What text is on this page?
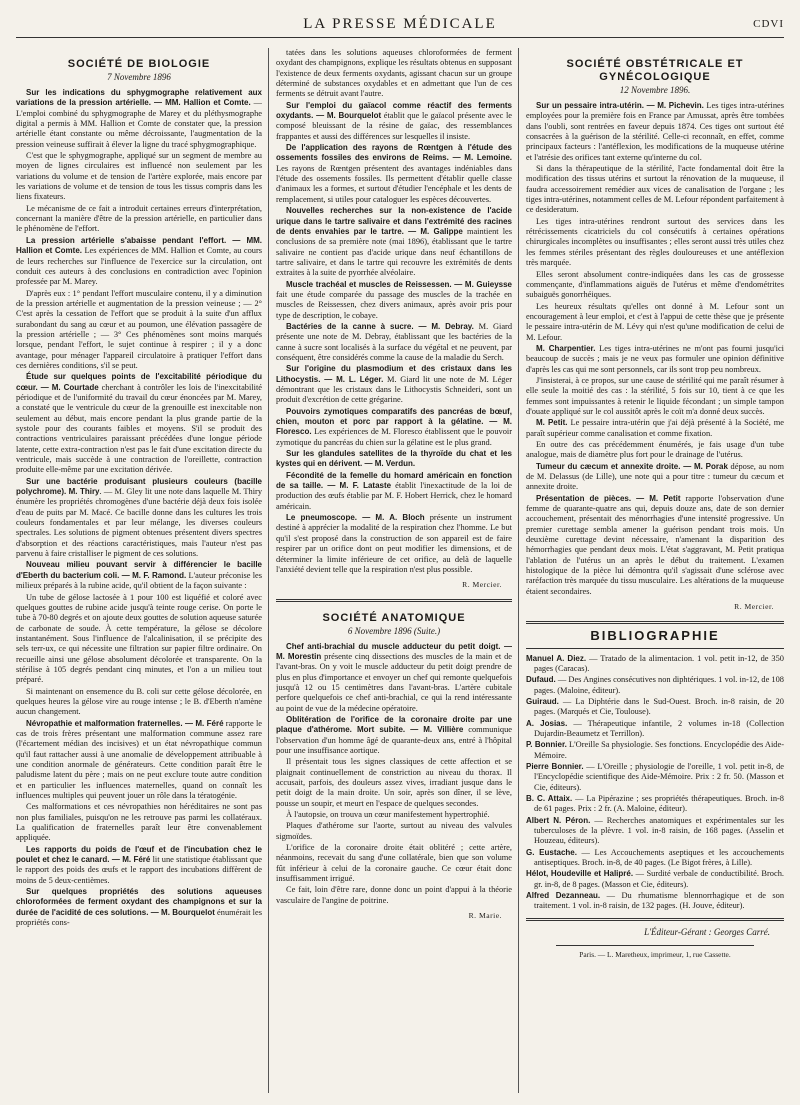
LA PRESSE MÉDICALE	CDVI
SOCIÉTÉ DE BIOLOGIE
7 Novembre 1896
Sur les indications du sphygmographe relativement aux variations de la pression artérielle. — MM. Hallion et Comte. — L'emploi combiné du sphygmographe de Marey et du pléthysmographe digital a permis à MM. Hallion et Comte de constater que, la pression artérielle étant constante ou même décroissante, l'augmentation de la pression veineuse suffirait à élever la ligne du tracé sphygmographique.
C'est que le sphygmographe, appliqué sur un segment de membre au moyen de lignes circulaires est influencé non seulement par les variations du volume et de tension de l'artère explorée, mais encore par les variations de volume et de tension de tous les tissus compris dans les liens fixateurs.
Le mécanisme de ce fait a introduit certaines erreurs d'interprétation, concernant la manière d'être de la pression artérielle, en particulier dans le phénomène de l'effort.
La pression artérielle s'abaisse pendant l'effort. — MM. Hallion et Comte. Les expériences de MM. Hallion et Comte, au cours de leurs recherches sur l'influence de l'exercice sur la circulation, ont conduit ces auteurs à des conclusions en contradiction avec l'opinion professée par M. Marey.
D'après eux : 1° pendant l'effort musculaire contenu, il y a diminution de la pression artérielle et augmentation de la pression veineuse ; — 2° C'est après la cessation de l'effort que se produit à la suite d'un afflux surabondant du sang au cœur et au poumon, une élévation passagère de la pression artérielle ; — 3° Ces phénomènes sont moins marqués lorsque, pendant l'effort, le sujet continue à respirer ; il y a donc avantage, pour ménager l'appareil circulatoire à pratiquer l'effort dans ces dernières conditions, s'il se peut.
Étude sur quelques points de l'excitabilité périodique du cœur. — M. Courtade cherchant à contrôler les lois de l'inexcitabilité périodique et de l'uniformité du travail du cœur énoncées par M. Marey, a constaté que le ventricule du cœur de la grenouille est inexcitable non seulement au début, mais encore pendant la plus grande partie de la systole pour des courants faibles et moyens. S'il se produit des contractions ventriculaires paraissant précédées d'une longue période latente, cette extra-contraction n'est pas le fait d'une excitation directe du ventricule, mais succède à une contraction de l'oreillette, contraction produite elle-même par une excitation dérivée.
Sur une bactérie produisant plusieurs couleurs (bacille polychrome). M. Thiry. — M. Gley lit une note dans laquelle M. Thiry énumère les propriétés chromogènes d'une bactérie déjà deux fois isolée d'eau de puits par M. Macé. Ce bacille donne dans les cultures les trois couleurs fondamentales et par leur mélange, les diverses couleurs spectrales. Les solutions de pigment obtenues présentent divers spectres d'absorption et des réactions caractéristiques, mais l'auteur n'est pas parvenu à faire cristalliser le pigment de ces solutions.
Nouveau milieu pouvant servir à différencier le bacille d'Eberth du bacterium coli. — M. F. Ramond. L'auteur préconise les milieux préparés à la rubine acide, qu'il obtient de la façon suivante :
Un tube de gélose lactosée à 1 pour 100 est liquéfié et coloré avec quelques gouttes de rubine acide jusqu'à teinte rouge cerise. On porte le tube à 70-80 degrés et on ajoute deux gouttes de solution aqueuse saturée de carbonate de soude. À cette température, la gélose se décolore instantanément. Sous l'influence de l'alcalinisation, il se précipite des sels terr-ux, ce qui nécessite une filtration sur papier filtre ordinaire. On recueille ainsi une gélose absolument décolorée et transparente. On la stérilise à 105 degrés pendant cinq minutes, et l'on a un milieu tout préparé.
Si maintenant on ensemence du B. coli sur cette gélose décolorée, en quelques heures la gélose vire au rouge intense ; le B. d'Eberth n'amène aucun changement.
Névropathie et malformation fraternelles. — M. Féré rapporte le cas de trois frères présentant une malformation commune assez rare (l'écartement médian des incisives) et un état névropathique commun qu'il faut rattacher aussi à une anomalie de développement attribuable à une condition anormale de générateurs. Cette condition paraît être le paludisme latent du père ; mais on ne peut exclure toute autre condition et en particulier les influences maternelles, quand on connaît les influences multiples qui peuvent jouer un rôle dans la tératogénie.
Ces malformations et ces névropathies non héréditaires ne sont pas non plus familiales, puisqu'on ne les retrouve pas parmi les collatéraux. La qualification de fraternelles paraît leur être convenablement appliquée.
Les rapports du poids de l'œuf et de l'incubation chez le poulet et chez le canard. — M. Féré lit une statistique établissant que le rapport des poids des œufs et le rapport des incubations diffèrent de moins de 5 deux-centièmes.
Sur quelques propriétés des solutions aqueuses chloroformées de ferment oxydant des champignons et sur la durée de l'acidité de ces solutions. — M. Bourquelot énumérait les propriétés cons-
tatées dans les solutions aqueuses chloroformées de ferment oxydant des champignons, explique les résultats obtenus en supposant l'existence de deux ferments oxydants, agissant chacun sur un groupe déterminé de substances oxydables et en admettant que l'un de ces ferments se détruit avant l'autre.
Sur l'emploi du gaïacol comme réactif des ferments oxydants. — M. Bourquelot établit que le gaïacol présente avec le composé bleuissant de la résine de gaïac, des ressemblances frappantes et aussi des différences sur lesquelles il insiste.
De l'application des rayons de Rœntgen à l'étude des ossements fossiles des environs de Reims. — M. Lemoine. Les rayons de Rœntgen présentent des avantages indéniables dans l'étude des ossements fossiles. Ils permettent d'établir quelle classe d'animaux les a formes, et surtout d'étudier l'encéphale et les dents de remplacement, si utiles pour cataloguer les espèces découvertes.
Nouvelles recherches sur la non-existence de l'acide urique dans le tartre salivaire et dans l'extrémité des racines de dents envahies par le tartre. — M. Galippe maintient les conclusions de sa première note (mai 1896), établissant que le tartre salivaire ne contient pas d'acide urique dans neuf échantillons de tartre salivaire, et dans le tartre qui recouvre les extrémités de dents extraites à la suite de pyorrhée alvéolaire.
Muscle trachéal et muscles de Reissessen. — M. Guieysse fait une étude comparée du passage des muscles de la trachée en muscles de Reissessen, chez divers animaux, après avoir pris pour type de description, le cobaye.
Bactéries de la canne à sucre. — M. Debray. M. Giard présente une note de M. Debray, établissant que les bactéries de la canne à sucre sont localisés à la surface du végétal et ne peuvent, par conséquent, être considérés comme la cause de la maladie du Serch.
Sur l'origine du plasmodium et des cristaux dans les Lithocystis. — M. L. Léger. M. Giard lit une note de M. Léger démontrant que les cristaux dans le Lithocystis Schneideri, sont un produit d'excrétion de cette grégarine.
Pouvoirs zymotiques comparatifs des pancréas de bœuf, chien, mouton et porc par rapport à la gélatine. — M. Floresco. Les expériences de M. Floresco établissent que le pouvoir zymotique du pancréas du chien sur la gélatine est le plus grand.
Sur les glandules satellites de la thyroïde du chat et les kystes qui en dérivent. — M. Verdun.
Fécondité de la femelle du homard américain en fonction de sa taille. — M. F. Lataste établit l'inexactitude de la loi de production des œufs établie par M. F. Hobert Herrick, chez le homard américain.
Le pneumoscope. — M. A. Bloch présente un instrument destiné à apprécier la modalité de la respiration chez l'homme. Le but qu'il s'est proposé dans la construction de son appareil est de faire respirer par un orifice dont on peut modifier les dimensions, et de déterminer la limite inférieure de cet orifice, au delà de laquelle l'anxiété devient telle que la respiration n'est plus possible.
R. Mercier.
SOCIÉTÉ ANATOMIQUE
6 Novembre 1896 (Suite.)
Chef anti-brachial du muscle adducteur du petit doigt. — M. Morestin présente cinq dissections des muscles de la main et de l'avant-bras. On y voit le muscle adducteur du petit doigt prendre de plus en plus d'importance et envoyer un chef qui remonte quelquefois jusqu'à 12 ou 15 centimètres dans l'avant-bras. L'artère cubitale perfore quelquefois ce chef anti-brachial, ce qui la rend intéressante au point de vue de la médecine opératoire.
Oblitération de l'orifice de la coronaire droite par une plaque d'athérome. Mort subite. — M. Villière communique l'observation d'un homme âgé de quarante-deux ans, entré à l'hôpital pour une insuffisance aortique.
Il présentait tous les signes classiques de cette affection et se plaignait continuellement de constriction au niveau du thorax. Il accusait, parfois, des douleurs assez vives, irradiant jusque dans le petit doigt de la main droite. Un soir, après son dîner, il se lève, pousse un soupir, et meurt en l'espace de quelques secondes.
À l'autopsie, on trouva un cœur manifestement hypertrophié.
Plaques d'athérome sur l'aorte, surtout au niveau des valvules sigmoïdes.
L'orifice de la coronaire droite était oblitéré ; cette artère, néanmoins, recevait du sang d'une collatérale, bien que son volume fût inférieur à celui de la coronaire gauche. Ce cœur était donc insuffisamment irrigué.
Ce fait, loin d'être rare, donne donc un point d'appui à la théorie vasculaire de l'angine de poitrine.
R. Marie.
SOCIÉTÉ OBSTÉTRICALE ET GYNÉCOLOGIQUE
12 Novembre 1896.
Sur un pessaire intra-utérin. — M. Pichevin. Les tiges intra-utérines employées pour la première fois en France par Amussat, après être tombées dans l'oubli, sont rentrées en faveur depuis 1874. Ces tiges ont surtout été consacrées à la guérison de la stérilité. Celle-ci reconnaît, en effet, comme principaux facteurs : l'antéflexion, les modifications de la muqueuse utérine et l'atrésie des orifices tant externe qu'interne du col.
Si dans la thérapeutique de la stérilité, l'acte fondamental doit être la modification des tissus utérins et surtout la rénovation de la muqueuse, il faudra accessoirement remédier aux vices de canalisation de l'organe ; les tiges intra-utérines, notamment celles de M. Lefour répondent parfaitement à ce desideratum.
Les tiges intra-utérines rendront surtout des services dans les rétrécissements cicatriciels du col consécutifs à certaines opérations chirurgicales incomplètes ou insuffisantes ; elles seront aussi très utiles chez les femmes stériles présentant des règles douloureuses et une antéflexion très marquée.
Elles seront absolument contre-indiquées dans les cas de grossesse commençante, d'inflammations aiguës de l'utérus et même d'endométrites subaiguës gonorrhéiques.
Les heureux résultats qu'elles ont donné à M. Lefour sont un encouragement à leur emploi, et c'est à l'appui de cette thèse que je présente le pessaire intra-utérin de M. Lévy qui n'est qu'une modification de celui de M. Lefour.
M. Charpentier. Les tiges intra-utérines ne m'ont pas fourni jusqu'ici beaucoup de succès ; mais je ne veux pas formuler une opinion définitive d'après les cas qui me sont personnels, car ils sont trop peu nombreux.
J'insisterai, à ce propos, sur une cause de stérilité qui me paraît résumer à elle seule la moitié des cas : la stérilité, 5 fois sur 10, tient à ce que les femmes sont impuissantes à retenir le liquide fécondant ; un simple tampon d'ouate appliqué sur le col aussitôt après le coït m'a donné deux succès.
M. Petit. Le pessaire intra-utérin que j'ai déjà présenté à la Société, me paraît supérieur comme canalisation et comme fixation.
En outre des cas précédemment énumérés, je fais usage d'un tube analogue, mais de diamètre plus fort pour le drainage de l'utérus.
Tumeur du cæcum et annexite droite. — M. Porak dépose, au nom de M. Delassus (de Lille), une note qui a pour titre : tumeur du cæcum et annexite droite.
Présentation de pièces. — M. Petit rapporte l'observation d'une femme de quarante-quatre ans qui, depuis douze ans, date de son dernier accouchement, présentait des ménorrhagies d'une intensité progressive. Un premier curettage sembla amener la guérison pendant trois mois. Un deuxième curettage devint nécessaire, n'amenant la disparition des hémorrhagies que pendant deux mois. L'état s'aggravant, M. Petit pratiqua l'ablation de l'utérus un an après le début du traitement. L'examen histologique de la pièce lui démontra qu'il s'agissait d'une sclérose avec raréfaction très marquée du tissu musculaire. Les altérations de la muqueuse étaient secondaires.
R. Mercier.
BIBLIOGRAPHIE
Manuel A. Diez. — Tratado de la alimentacion. 1 vol. petit in-12, de 350 pages (Caracas).
Dufaud. — Des Angines consécutives non diphtériques. 1 vol. in-12, de 108 pages. (Maloine, éditeur).
Guiraud. — La Diphtérie dans le Sud-Ouest. Broch. in-8 raisin, de 20 pages. (Marqués et Cie, Toulouse).
A. Josias. — Thérapeutique infantile, 2 volumes in-18 (Collection Dujardin-Beaumetz et Terrillon).
P. Bonnier. L'Oreille Sa physiologie. Ses fonctions. Encyclopédie des Aide-Mémoire.
Pierre Bonnier. — L'Oreille ; physiologie de l'oreille, 1 vol. petit in-8, de l'Encyclopédie scientifique des Aide-Mémoire. Prix : 2 fr. 50. (Masson et Cie, éditeurs).
B. C. Attaix. — La Pipérazine ; ses propriétés thérapeutiques. Broch. in-8 de 61 pages. Prix : 2 fr. (A. Maloine, éditeur).
Albert N. Péron. — Recherches anatomiques et expérimentales sur les tuberculoses de la plèvre. 1 vol. in-8 raisin, de 168 pages. (Asselin et Houzeau, éditeurs).
G. Eustache. — Les Accouchements aseptiques et les accouchements antiseptiques. Broch. in-8, de 40 pages. (Le Bigot frères, à Lille).
Hélot, Houdeville et Halipré. — Surdité verbale de conductibilité. Broch. gr. in-8, de 8 pages. (Masson et Cie, éditeurs).
Alfred Dezanneau. — Du rhumatisme blennorrhagique et de son traitement. 1 vol. in-8 raisin, de 132 pages. (H. Jouve, éditeur).
L'Éditeur-Gérant : Georges Carré.
Paris. — L. Maretheux, imprimeur, 1, rue Cassette.
